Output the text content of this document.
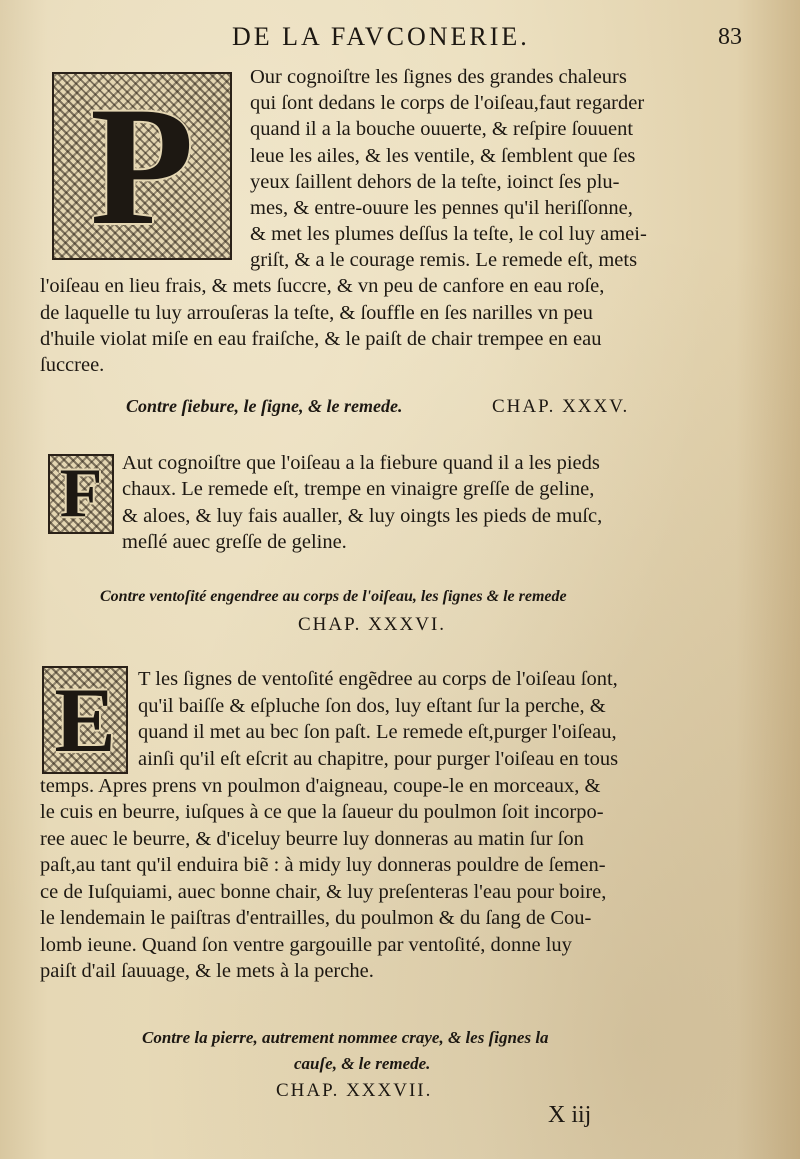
DE LA FAVCONERIE.	83
P	Our cognoiſtre les ſignes des grandes chaleurs
qui ſont dedans le corps de l'oiſeau,faut regarder
quand il a la bouche ouuerte, & reſpire ſouuent
leue les ailes, & les ventile, & ſemblent que ſes
yeux ſaillent dehors de la teſte, ioinct ſes plu-
mes, & entre-ouure les pennes qu'il heriſſonne,
& met les plumes deſſus la teſte, le col luy amei-
griſt, & a le courage remis. Le remede eſt, mets
l'oiſeau en lieu frais, & mets ſuccre, & vn peu de canfore en eau roſe,
de laquelle tu luy arrouſeras la teſte, & ſouffle en ſes narilles vn peu
d'huile violat miſe en eau fraiſche, & le paiſt de chair trempee en eau
ſuccree.
Contre ſiebure, le ſigne, & le remede.	CHAP. XXXV.
F Aut cognoiſtre que l'oiſeau a la fiebure quand il a les pieds
chaux. Le remede eſt, trempe en vinaigre greſſe de geline,
& aloes, & luy fais aualler, & luy oingts les pieds de muſc,
meſlé auec greſſe de geline.
Contre ventoſité engendree au corps de l'oiſeau, les ſignes & le remede
CHAP. XXXVI.
E	T les ſignes de ventoſité engẽdree au corps de l'oiſeau ſont,
qu'il baiſſe & eſpluche ſon dos, luy eſtant ſur la perche, &
quand il met au bec ſon paſt. Le remede eſt,purger l'oiſeau,
ainſi qu'il eſt eſcrit au chapitre, pour purger l'oiſeau en tous
temps. Apres prens vn poulmon d'aigneau, coupe-le en morceaux, &
le cuis en beurre, iuſques à ce que la ſaueur du poulmon ſoit incorpo-
ree auec le beurre, & d'iceluy beurre luy donneras au matin ſur ſon
paſt,au tant qu'il enduira biẽ : à midy luy donneras pouldre de ſemen-
ce de Iuſquiami, auec bonne chair, & luy preſenteras l'eau pour boire,
le lendemain le paiſtras d'entrailles, du poulmon & du ſang de Cou-
lomb ieune. Quand ſon ventre gargouille par ventoſité, donne luy
paiſt d'ail ſauuage, & le mets à la perche.
Contre la pierre, autrement nommee craye, & les ſignes la
cauſe, & le remede.
CHAP. XXXVII.
X iij
